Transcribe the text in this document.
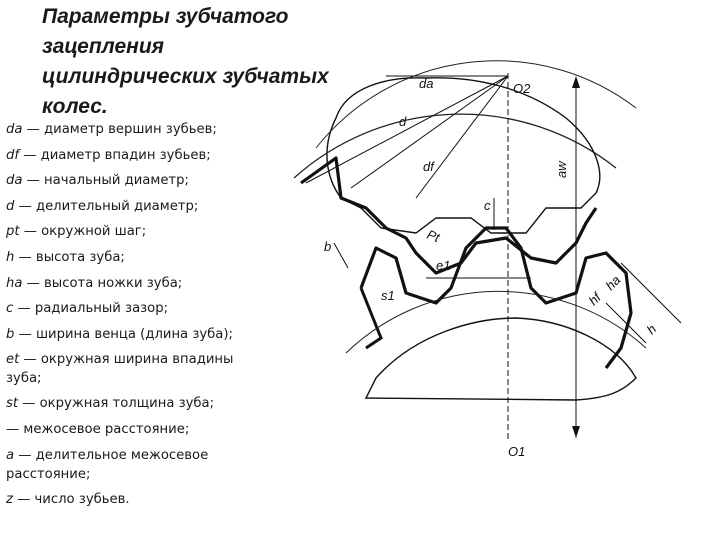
Параметры зубчатого
зацепления
цилиндрических зубчатых
колес.
da — диаметр вершин зубьев;
df — диаметр впадин зубьев;
da — начальный диаметр;
d — делительный диаметр;
pt — окружной шаг;
h — высота зуба;
ha — высота ножки зуба;
c — радиальный зазор;
b — ширина венца (длина зуба);
et — окружная ширина впадины зуба;
st — окружная толщина зуба;
— межосевое расстояние;
a — делительное межосевое расстояние;
z — число зубьев.
da
d
df
O2
O1
aw
c
Pt
e1
s1
b
hf
ha
h
